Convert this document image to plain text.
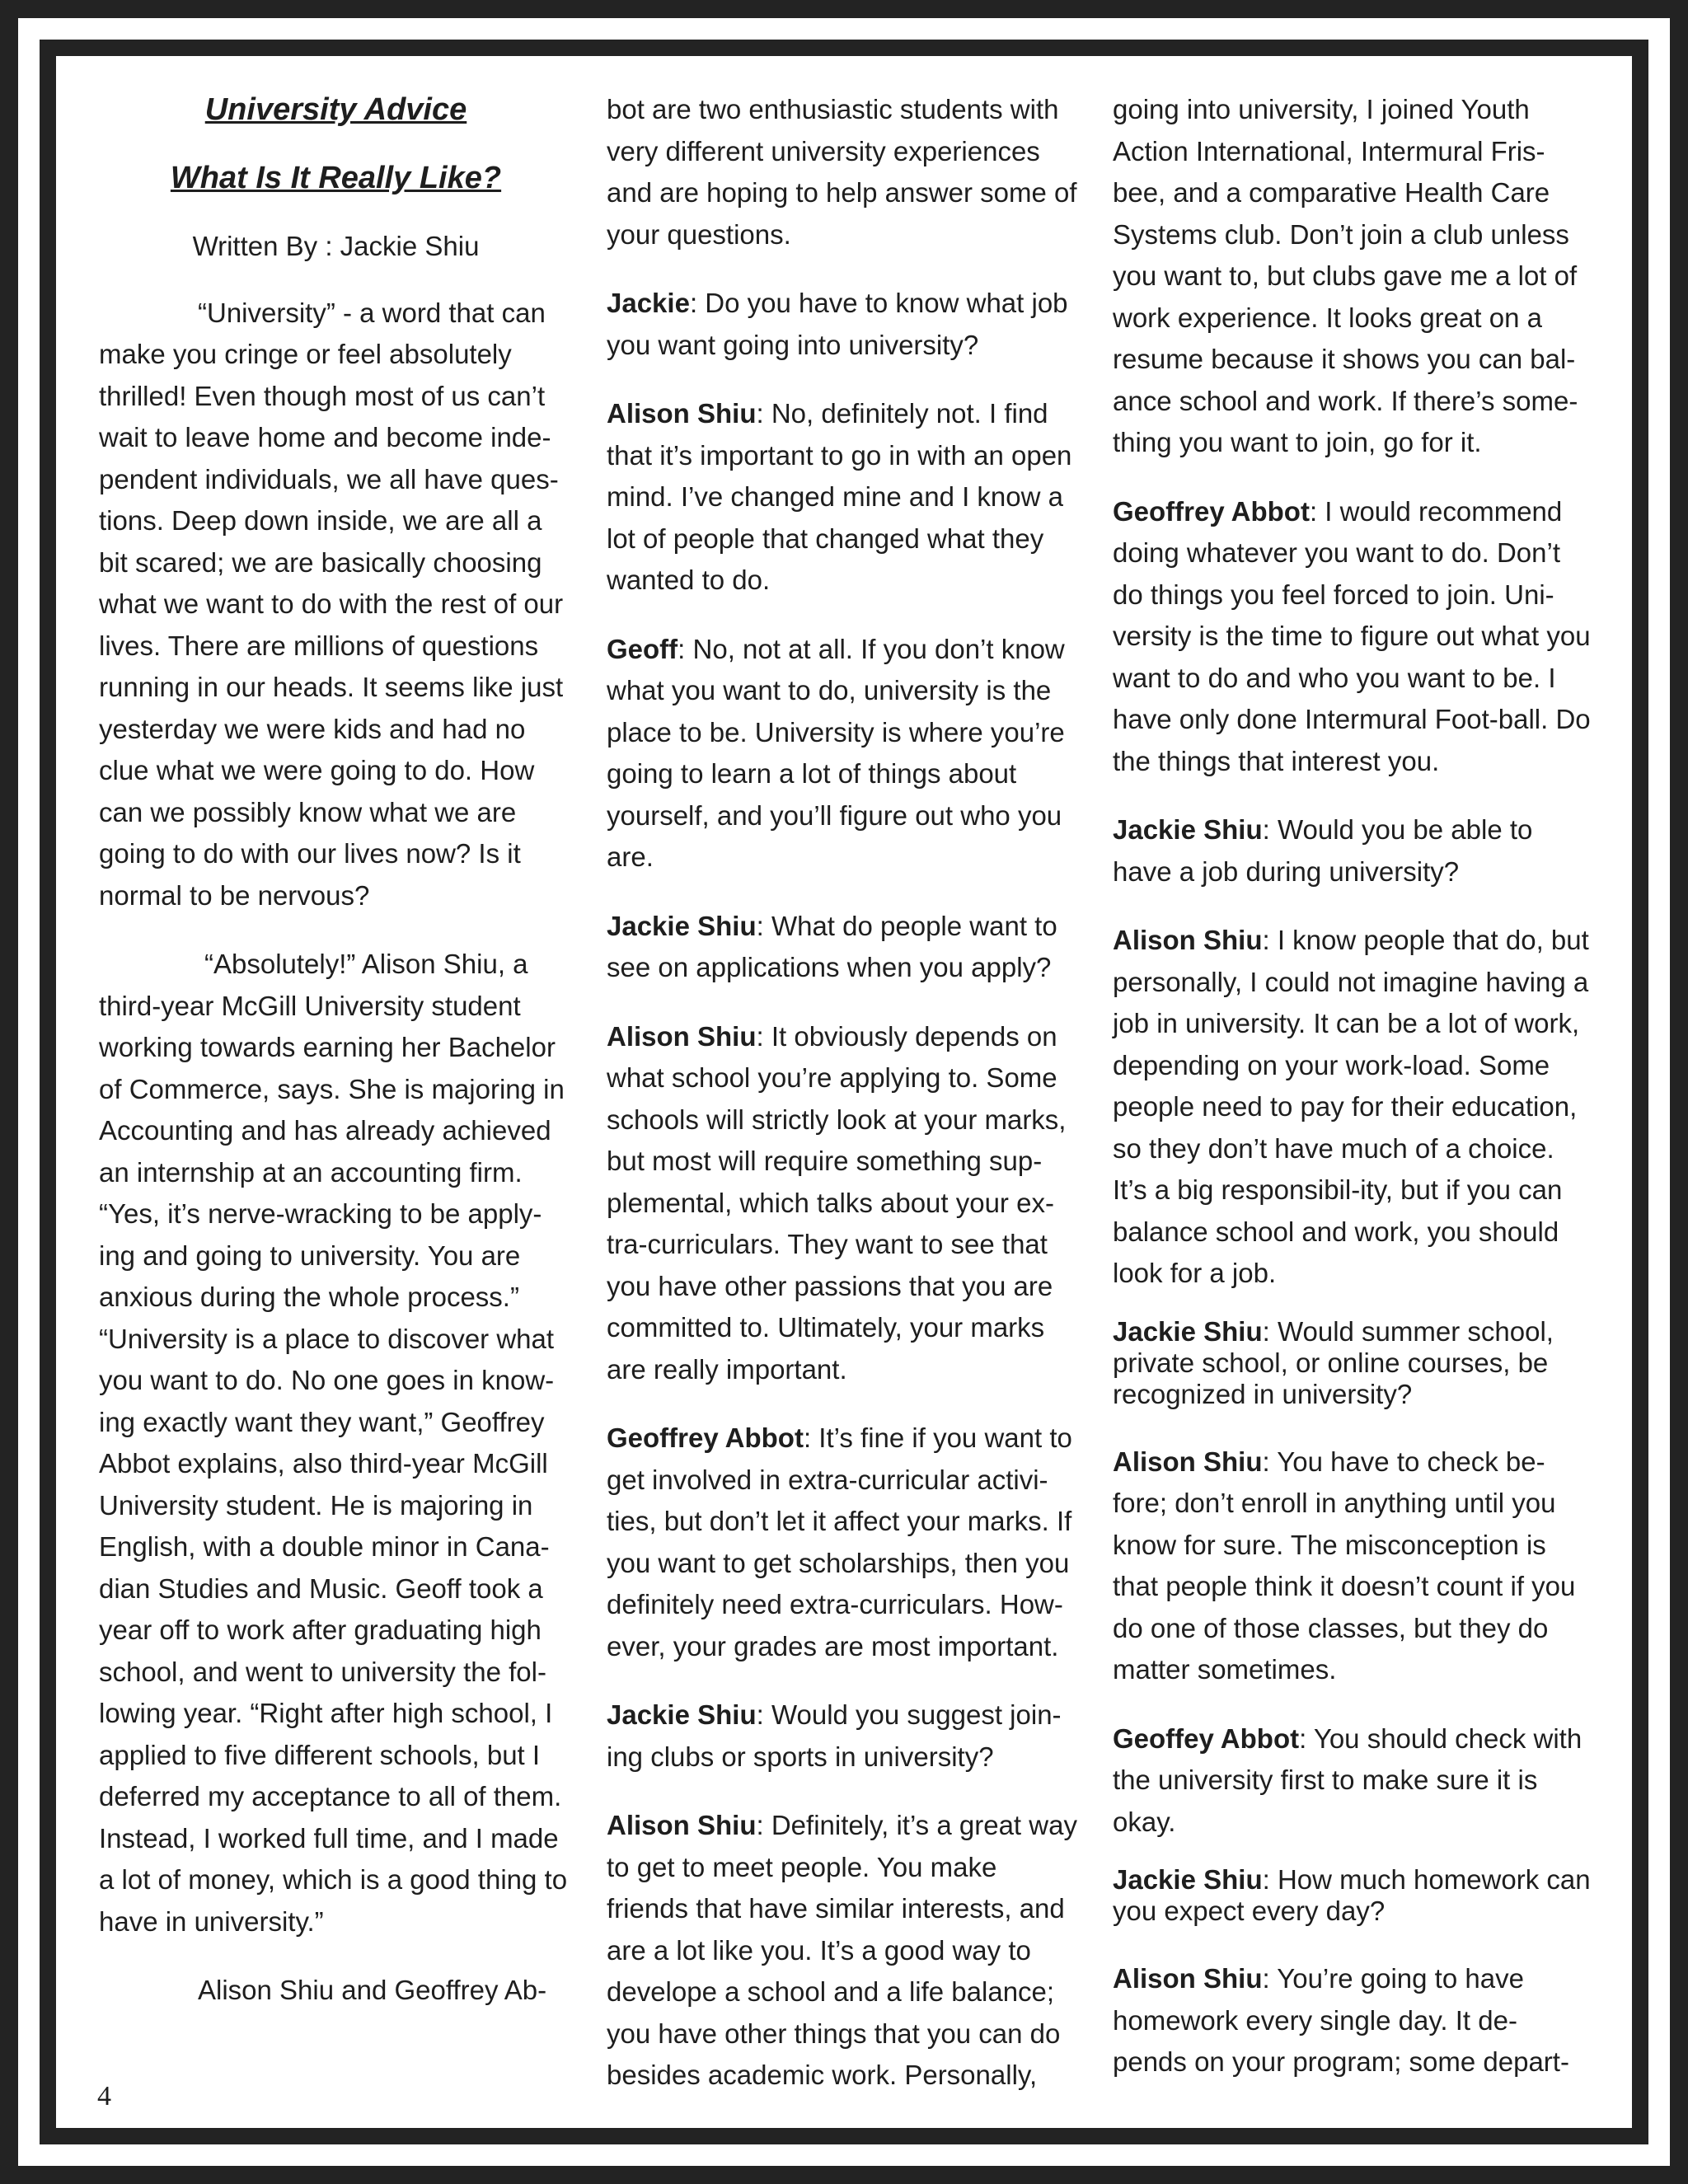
University Advice

What Is It Really Like?

Written By : Jackie Shiu

“University” - a word that can make you cringe or feel absolutely thrilled! Even though most of us can’t wait to leave home and become inde-pendent individuals, we all have ques-tions. Deep down inside, we are all a bit scared; we are basically choosing what we want to do with the rest of our lives. There are millions of questions running in our heads. It seems like just yesterday we were kids and had no clue what we were going to do. How can we possibly know what we are going to do with our lives now? Is it normal to be nervous?

“Absolutely!” Alison Shiu, a third-year McGill University student working towards earning her Bachelor of Commerce, says. She is majoring in Accounting and has already achieved an internship at an accounting firm. “Yes, it’s nerve-wracking to be apply-ing and going to university. You are anxious during the whole process.” “University is a place to discover what you want to do. No one goes in know-ing exactly want they want,” Geoffrey Abbot explains, also third-year McGill University student. He is majoring in English, with a double minor in Cana-dian Studies and Music. Geoff took a year off to work after graduating high school, and went to university the fol-lowing year. “Right after high school, I applied to five different schools, but I deferred my acceptance to all of them. Instead, I worked full time, and I made a lot of money, which is a good thing to have in university.”

Alison Shiu and Geoffrey Ab-

bot are two enthusiastic students with very different university experiences and are hoping to help answer some of your questions.

Jackie: Do you have to know what job you want going into university?

Alison Shiu: No, definitely not. I find that it’s important to go in with an open mind. I’ve changed mine and I know a lot of people that changed what they wanted to do.

Geoff: No, not at all. If you don’t know what you want to do, university is the place to be. University is where you’re going to learn a lot of things about yourself, and you’ll figure out who you are.

Jackie Shiu: What do people want to see on applications when you apply?

Alison Shiu: It obviously depends on what school you’re applying to. Some schools will strictly look at your marks, but most will require something sup-plemental, which talks about your ex-tra-curriculars. They want to see that you have other passions that you are committed to. Ultimately, your marks are really important.

Geoffrey Abbot: It’s fine if you want to get involved in extra-curricular activi-ties, but don’t let it affect your marks. If you want to get scholarships, then you definitely need extra-curriculars. How-ever, your grades are most important.

Jackie Shiu: Would you suggest join-ing clubs or sports in university?

Alison Shiu: Definitely, it’s a great way to get to meet people. You make friends that have similar interests, and are a lot like you. It’s a good way to develope a school and a life balance; you have other things that you can do besides academic work. Personally,

going into university, I joined Youth Action International, Intermural Fris-bee, and a comparative Health Care Systems club. Don’t join a club unless you want to, but clubs gave me a lot of work experience. It looks great on a resume because it shows you can bal-ance school and work. If there’s some-thing you want to join, go for it.

Geoffrey Abbot: I would recommend doing whatever you want to do. Don’t do things you feel forced to join. Uni-versity is the time to figure out what you want to do and who you want to be. I have only done Intermural Foot-ball. Do the things that interest you.

Jackie Shiu: Would you be able to have a job during university?

Alison Shiu: I know people that do, but personally, I could not imagine having a job in university. It can be a lot of work, depending on your work-load. Some people need to pay for their education, so they don’t have much of a choice. It’s a big responsibil-ity, but if you can balance school and work, you should look for a job.

Jackie Shiu: Would summer school, private school, or online courses, be recognized in university?

Alison Shiu: You have to check be-fore; don’t enroll in anything until you know for sure. The misconception is that people think it doesn’t count if you do one of those classes, but they do matter sometimes.

Geoffey Abbot: You should check with the university first to make sure it is okay.

Jackie Shiu: How much homework can you expect every day?

Alison Shiu: You’re going to have homework every single day. It de-pends on your program; some depart-

4
